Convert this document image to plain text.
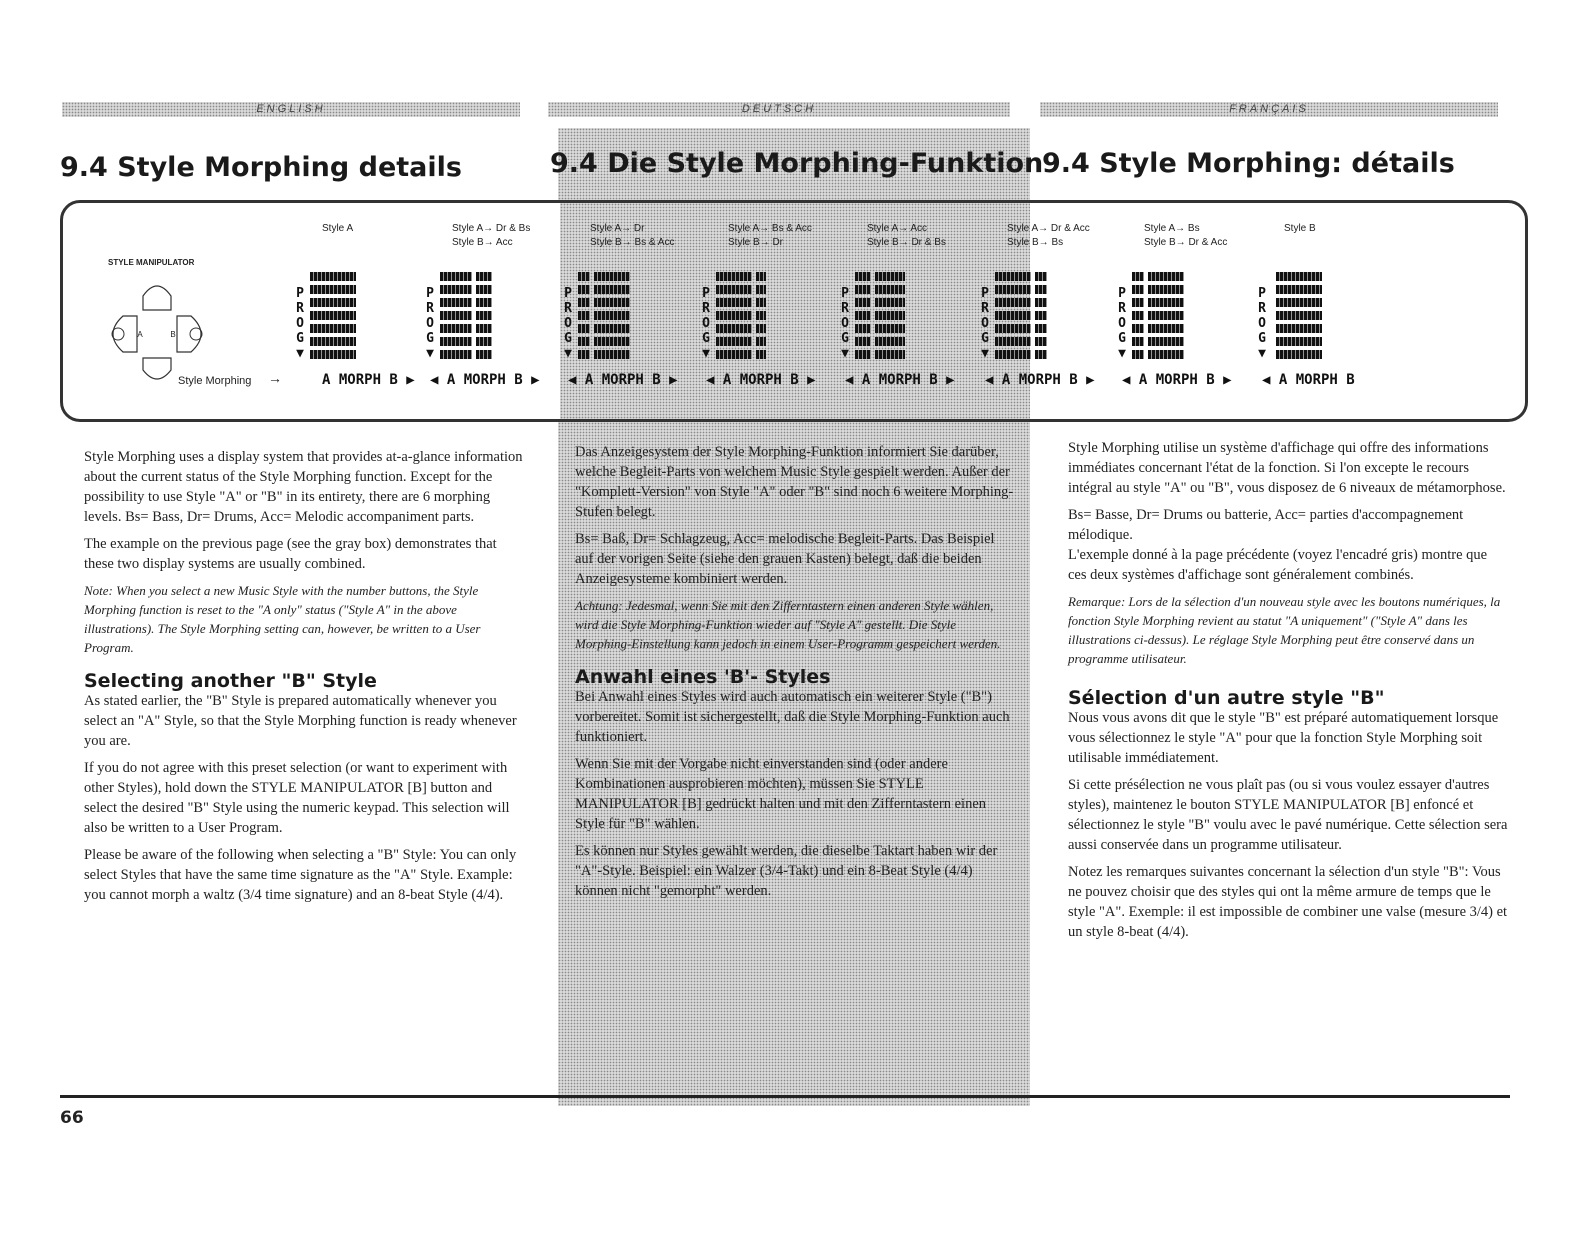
ENGLISH	DEUTSCH	FRANÇAIS
9.4 Style Morphing details	9.4 Die Style Morphing-Funktion
9.4 Style Morphing: détails
STYLE MANIPULATOR
A	B
Style Morphing →
Style A
P
R
O
G
▼
A MORPH B ▶
Style A→ Dr & Bs
Style B→ Acc
P
R
O
G
▼
◀ A MORPH B ▶
Style A→ Dr
Style B→ Bs & Acc
P
R
O
G
▼
◀ A MORPH B ▶
Style A→ Bs & Acc
Style B→ Dr
P
R
O
G
▼
◀ A MORPH B ▶
Style A→ Acc
Style B→ Dr & Bs
P
R
O
G
▼
◀ A MORPH B ▶
Style A→ Dr & Acc
Style B→ Bs
P
R
O
G
▼
◀ A MORPH B ▶
Style A→ Bs
Style B→ Dr & Acc
P
R
O
G
▼
◀ A MORPH B ▶
Style B
P
R
O
G
▼
◀ A MORPH B

Style Morphing uses a display system that provides at-a-glance information about the current status of the Style Morphing function. Except for the possibility to use Style "A" or "B" in its entirety, there are 6 morphing levels. Bs= Bass, Dr= Drums, Acc= Melodic accompaniment parts.

The example on the previous page (see the gray box) demonstrates that these two display systems are usually combined.

Note: When you select a new Music Style with the number buttons, the Style Morphing function is reset to the "A only" status ("Style A" in the above illustrations). The Style Morphing setting can, however, be written to a User Program.

Selecting another "B" Style

As stated earlier, the "B" Style is prepared automatically whenever you select an "A" Style, so that the Style Morphing function is ready whenever you are.

If you do not agree with this preset selection (or want to experiment with other Styles), hold down the STYLE MANIPULATOR [B] button and select the desired "B" Style using the numeric keypad. This selection will also be written to a User Program.

Please be aware of the following when selecting a "B" Style: You can only select Styles that have the same time signature as the "A" Style. Example: you cannot morph a waltz (3/4 time signature) and an 8-beat Style (4/4).

Das Anzeigesystem der Style Morphing-Funktion informiert Sie darüber, welche Begleit-Parts von welchem Music Style gespielt werden. Außer der "Komplett-Version" von Style "A" oder "B" sind noch 6 weitere Morphing-Stufen belegt.

Bs= Baß, Dr= Schlagzeug, Acc= melodische Begleit-Parts. Das Beispiel auf der vorigen Seite (siehe den grauen Kasten) belegt, daß die beiden Anzeigesysteme kombiniert werden.

Achtung: Jedesmal, wenn Sie mit den Zifferntastern einen anderen Style wählen, wird die Style Morphing-Funktion wieder auf "Style A" gestellt. Die Style Morphing-Einstellung kann jedoch in einem User-Programm gespeichert werden.

Anwahl eines 'B'- Styles

Bei Anwahl eines Styles wird auch automatisch ein weiterer Style ("B") vorbereitet. Somit ist sichergestellt, daß die Style Morphing-Funktion auch funktioniert.

Wenn Sie mit der Vorgabe nicht einverstanden sind (oder andere Kombinationen ausprobieren möchten), müssen Sie STYLE MANIPULATOR [B] gedrückt halten und mit den Zifferntastern einen Style für "B" wählen.

Es können nur Styles gewählt werden, die dieselbe Taktart haben wir der "A"-Style. Beispiel: ein Walzer (3/4-Takt) und ein 8-Beat Style (4/4) können nicht "gemorpht" werden.

Style Morphing utilise un système d'affichage qui offre des informations immédiates concernant l'état de la fonction. Si l'on excepte le recours intégral au style "A" ou "B", vous disposez de 6 niveaux de métamorphose.

Bs= Basse, Dr= Drums ou batterie, Acc= parties d'accompagnement mélodique.

L'exemple donné à la page précédente (voyez l'encadré gris) montre que ces deux systèmes d'affichage sont généralement combinés.

Remarque: Lors de la sélection d'un nouveau style avec les boutons numériques, la fonction Style Morphing revient au statut "A uniquement" ("Style A" dans les illustrations ci-dessus). Le réglage Style Morphing peut être conservé dans un programme utilisateur.

Sélection d'un autre style "B"

Nous vous avons dit que le style "B" est préparé automatiquement lorsque vous sélectionnez le style "A" pour que la fonction Style Morphing soit utilisable immédiatement.

Si cette présélection ne vous plaît pas (ou si vous voulez essayer d'autres styles), maintenez le bouton STYLE MANIPULATOR [B] enfoncé et sélectionnez le style "B" voulu avec le pavé numérique. Cette sélection sera aussi conservée dans un programme utilisateur.

Notez les remarques suivantes concernant la sélection d'un style "B": Vous ne pouvez choisir que des styles qui ont la même armure de temps que le style "A". Exemple: il est impossible de combiner une valse (mesure 3/4) et un style 8-beat (4/4).

66
